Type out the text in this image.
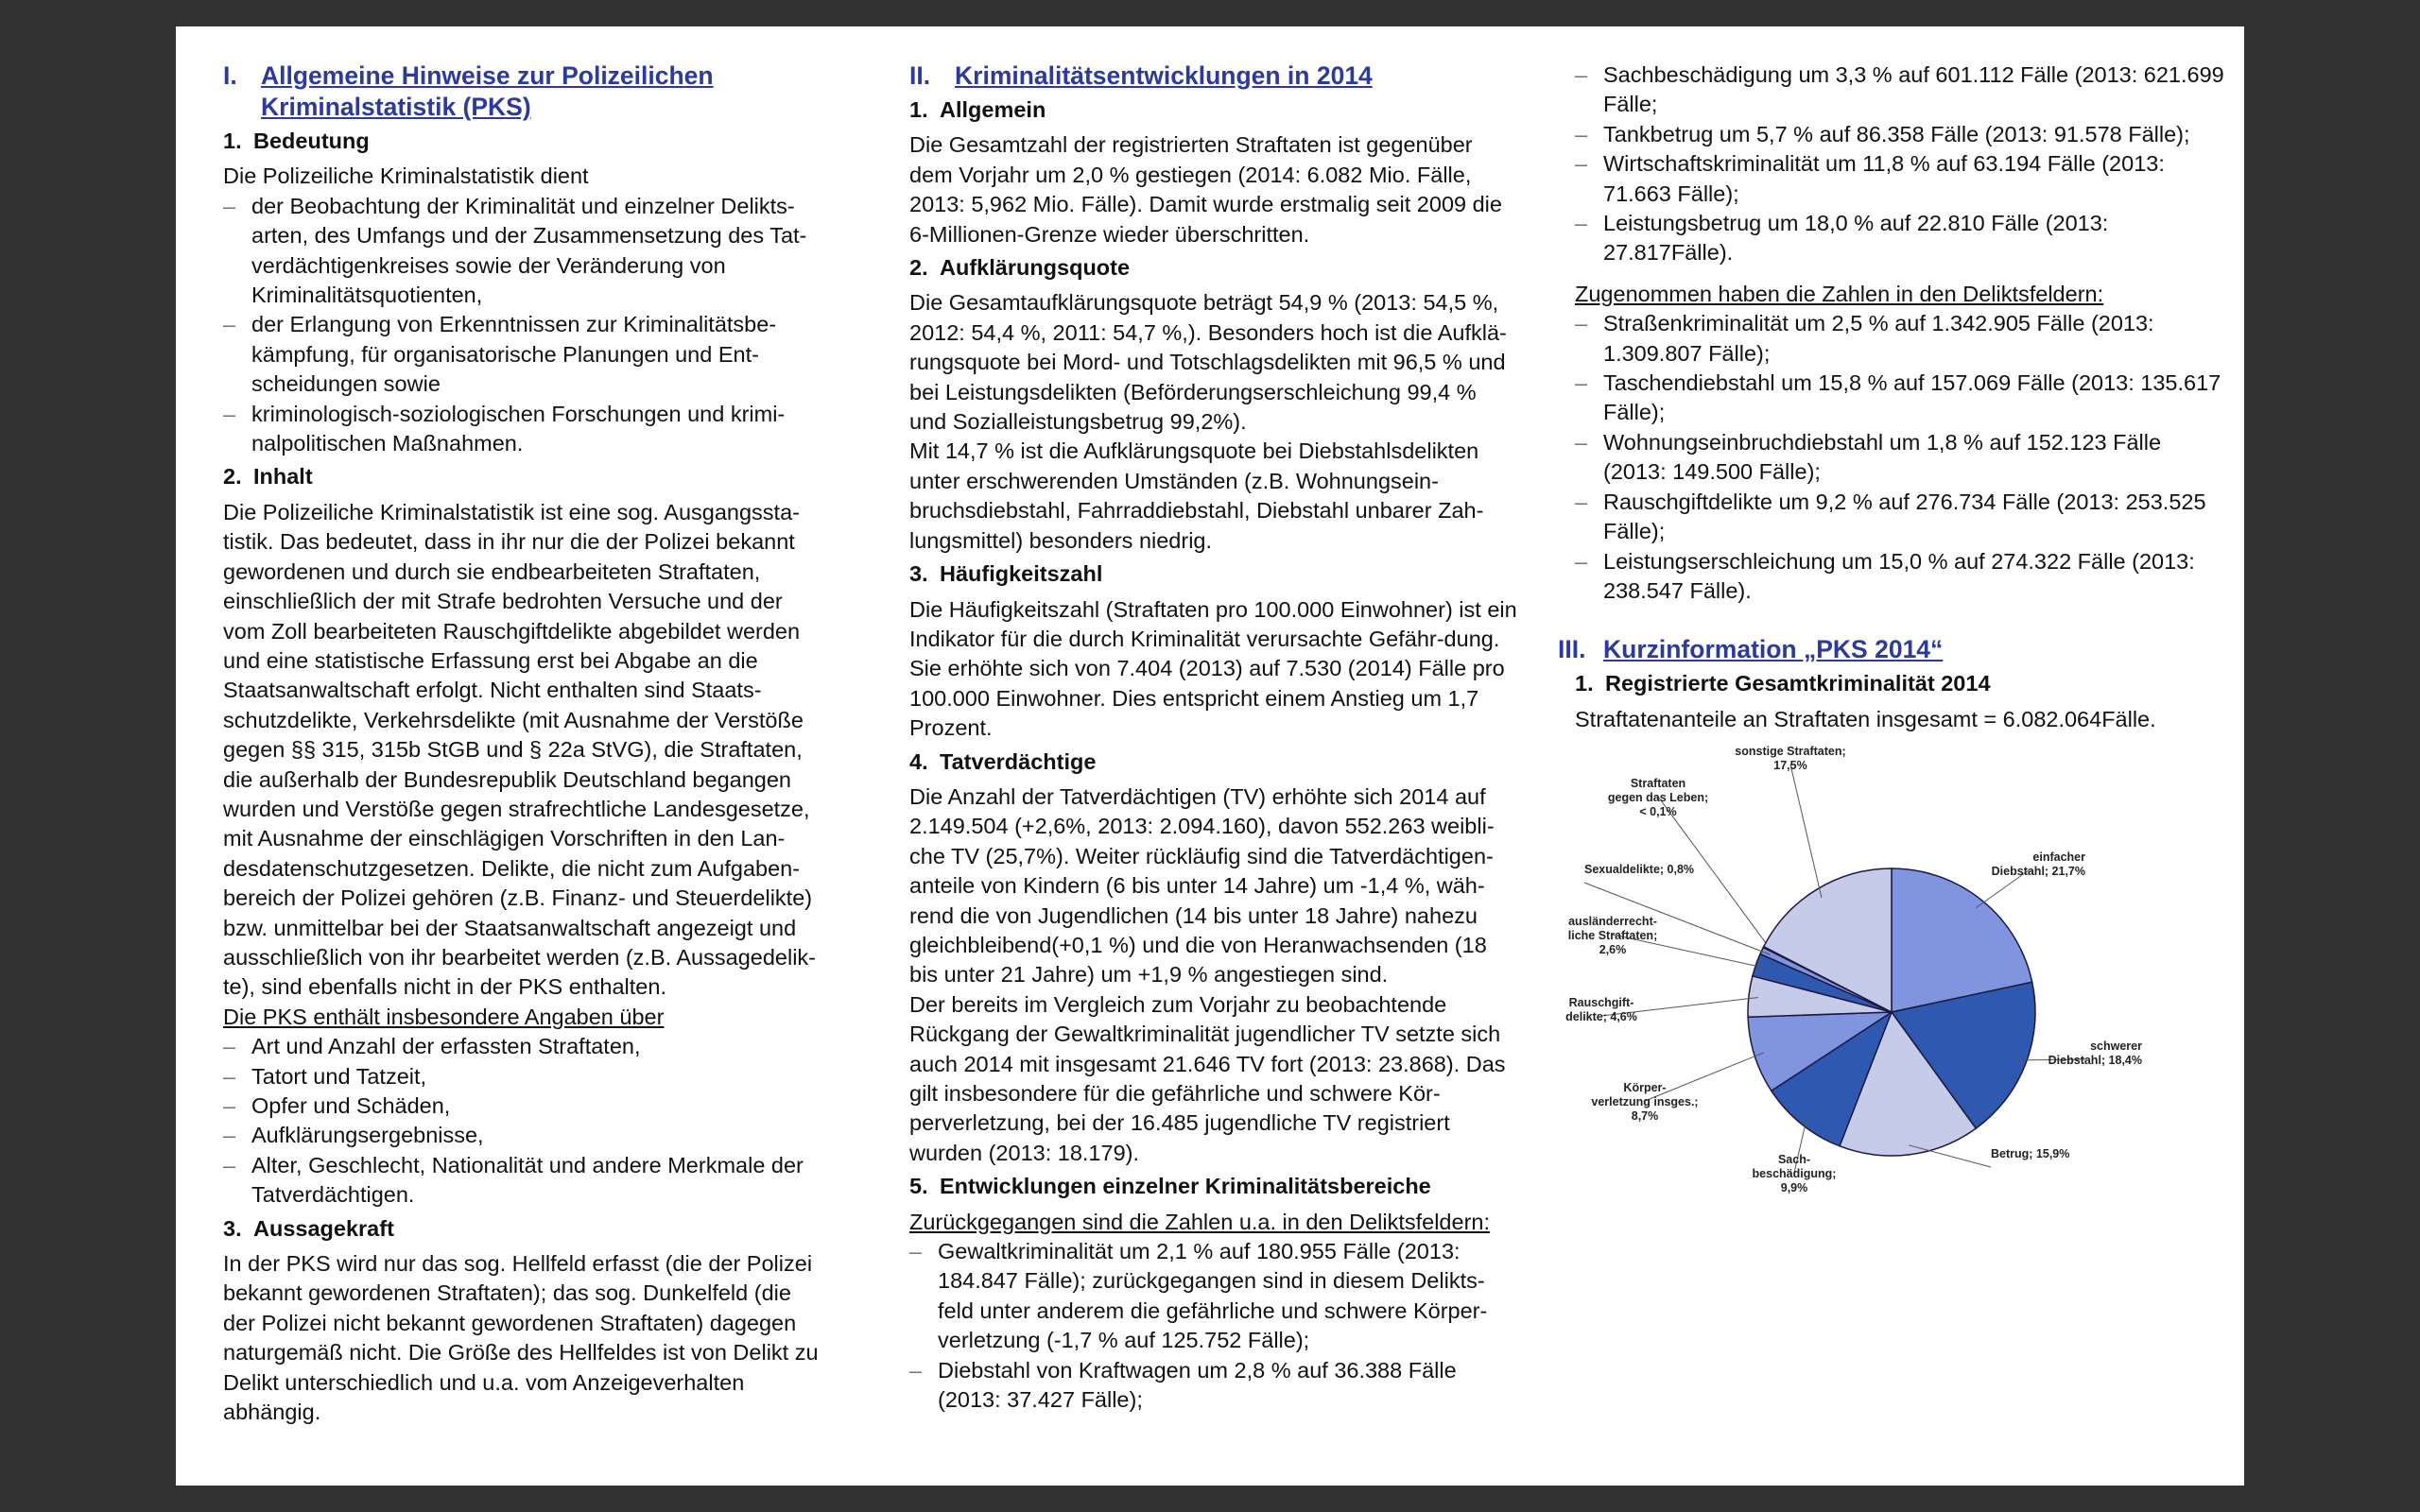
I. Allgemeine Hinweise zur Polizeilichen Kriminalstatistik (PKS)
1. Bedeutung

Die Polizeiliche Kriminalstatistik dient

– der Beobachtung der Kriminalität und einzelner Delikts-arten, des Umfangs und der Zusammensetzung des Tat-verdächtigenkreises sowie der Veränderung von Kriminalitätsquotienten,
– der Erlangung von Erkenntnissen zur Kriminalitätsbe-kämpfung, für organisatorische Planungen und Ent-scheidungen sowie
– kriminologisch-soziologischen Forschungen und krimi-nalpolitischen Maßnahmen.
2. Inhalt

Die Polizeiliche Kriminalstatistik ist eine sog. Ausgangssta-tistik. Das bedeutet, dass in ihr nur die der Polizei bekannt gewordenen und durch sie endbearbeiteten Straftaten, einschließlich der mit Strafe bedrohten Versuche und der vom Zoll bearbeiteten Rauschgiftdelikte abgebildet werden und eine statistische Erfassung erst bei Abgabe an die Staatsanwaltschaft erfolgt. Nicht enthalten sind Staats-schutzdelikte, Verkehrsdelikte (mit Ausnahme der Verstöße gegen §§ 315, 315b StGB und § 22a StVG), die Straftaten, die außerhalb der Bundesrepublik Deutschland begangen wurden und Verstöße gegen strafrechtliche Landesgesetze, mit Ausnahme der einschlägigen Vorschriften in den Lan-desdatenschutzgesetzen. Delikte, die nicht zum Aufgaben-bereich der Polizei gehören (z.B. Finanz- und Steuerdelikte) bzw. unmittelbar bei der Staatsanwaltschaft angezeigt und ausschließlich von ihr bearbeitet werden (z.B. Aussagedelik-te), sind ebenfalls nicht in der PKS enthalten.

Die PKS enthält insbesondere Angaben über

– Art und Anzahl der erfassten Straftaten,
– Tatort und Tatzeit,
– Opfer und Schäden,
– Aufklärungsergebnisse,
– Alter, Geschlecht, Nationalität und andere Merkmale der Tatverdächtigen.
3. Aussagekraft

In der PKS wird nur das sog. Hellfeld erfasst (die der Polizei bekannt gewordenen Straftaten); das sog. Dunkelfeld (die der Polizei nicht bekannt gewordenen Straftaten) dagegen naturgemäß nicht. Die Größe des Hellfeldes ist von Delikt zu Delikt unterschiedlich und u.a. vom Anzeigeverhalten abhängig.

II. Kriminalitätsentwicklungen in 2014
1. Allgemein

Die Gesamtzahl der registrierten Straftaten ist gegenüber dem Vorjahr um 2,0 % gestiegen (2014: 6.082 Mio. Fälle, 2013: 5,962 Mio. Fälle). Damit wurde erstmalig seit 2009 die 6-Millionen-Grenze wieder überschritten.

2. Aufklärungsquote

Die Gesamtaufklärungsquote beträgt 54,9 % (2013: 54,5 %, 2012: 54,4 %, 2011: 54,7 %,). Besonders hoch ist die Aufklä-rungsquote bei Mord- und Totschlagsdelikten mit 96,5 % und bei Leistungsdelikten (Beförderungserschleichung 99,4 % und Sozialleistungsbetrug 99,2%).

Mit 14,7 % ist die Aufklärungsquote bei Diebstahlsdelikten unter erschwerenden Umständen (z.B. Wohnungsein-bruchsdiebstahl, Fahrraddiebstahl, Diebstahl unbarer Zah-lungsmittel) besonders niedrig.

3. Häufigkeitszahl

Die Häufigkeitszahl (Straftaten pro 100.000 Einwohner) ist ein Indikator für die durch Kriminalität verursachte Gefähr-dung. Sie erhöhte sich von 7.404 (2013) auf 7.530 (2014) Fälle pro 100.000 Einwohner. Dies entspricht einem Anstieg um 1,7 Prozent.

4. Tatverdächtige

Die Anzahl der Tatverdächtigen (TV) erhöhte sich 2014 auf 2.149.504 (+2,6%, 2013: 2.094.160), davon 552.263 weibli-che TV (25,7%). Weiter rückläufig sind die Tatverdächtigen-anteile von Kindern (6 bis unter 14 Jahre) um -1,4 %, wäh-rend die von Jugendlichen (14 bis unter 18 Jahre) nahezu gleichbleibend(+0,1 %) und die von Heranwachsenden (18 bis unter 21 Jahre) um +1,9 % angestiegen sind.

Der bereits im Vergleich zum Vorjahr zu beobachtende Rückgang der Gewaltkriminalität jugendlicher TV setzte sich auch 2014 mit insgesamt 21.646 TV fort (2013: 23.868). Das gilt insbesondere für die gefährliche und schwere Kör-perverletzung, bei der 16.485 jugendliche TV registriert wurden (2013: 18.179).

5. Entwicklungen einzelner Kriminalitätsbereiche

Zurückgegangen sind die Zahlen u.a. in den Deliktsfeldern:

– Gewaltkriminalität um 2,1 % auf 180.955 Fälle (2013: 184.847 Fälle); zurückgegangen sind in diesem Delikts-feld unter anderem die gefährliche und schwere Körper-verletzung (-1,7 % auf 125.752 Fälle);
– Diebstahl von Kraftwagen um 2,8 % auf 36.388 Fälle (2013: 37.427 Fälle);
– Sachbeschädigung um 3,3 % auf 601.112 Fälle (2013: 621.699 Fälle;
– Tankbetrug um 5,7 % auf 86.358 Fälle (2013: 91.578 Fälle);
– Wirtschaftskriminalität um 11,8 % auf 63.194 Fälle (2013: 71.663 Fälle);
– Leistungsbetrug um 18,0 % auf 22.810 Fälle (2013: 27.817Fälle).

Zugenommen haben die Zahlen in den Deliktsfeldern:

– Straßenkriminalität um 2,5 % auf 1.342.905 Fälle (2013: 1.309.807 Fälle);
– Taschendiebstahl um 15,8 % auf 157.069 Fälle (2013: 135.617 Fälle);
– Wohnungseinbruchdiebstahl um 1,8 % auf 152.123 Fälle (2013: 149.500 Fälle);
– Rauschgiftdelikte um 9,2 % auf 276.734 Fälle (2013: 253.525 Fälle);
– Leistungserschleichung um 15,0 % auf 274.322 Fälle (2013: 238.547 Fälle).
III. Kurzinformation „PKS 2014“
1. Registrierte Gesamtkriminalität 2014

Straftatenanteile an Straftaten insgesamt = 6.082.064Fälle.

einfacher Diebstahl; 21,7%
schwerer Diebstahl; 18,4%
Betrug; 15,9%
Sach-beschädigung; 9,9%
Körper-verletzung insges.; 8,7%
Rauschgift-delikte; 4,6%
ausländerrecht-liche Straftaten; 2,6%
Sexualdelikte; 0,8%
Straftaten gegen das Leben; < 0,1%
sonstige Straftaten; 17,5%
